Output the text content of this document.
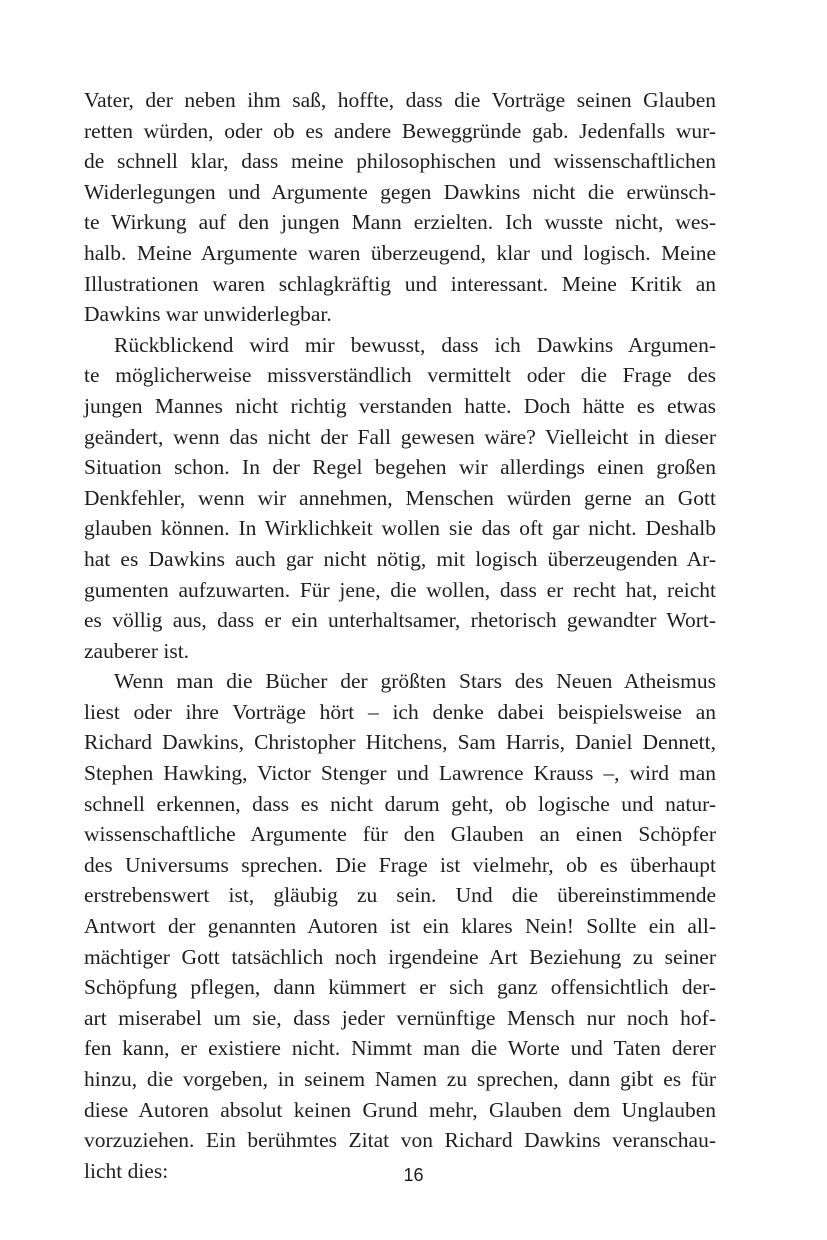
Vater, der neben ihm saß, hoffte, dass die Vorträge seinen Glauben
retten würden, oder ob es andere Beweggründe gab. Jedenfalls wur-
de schnell klar, dass meine philosophischen und wissenschaftlichen
Widerlegungen und Argumente gegen Dawkins nicht die erwünsch-
te Wirkung auf den jungen Mann erzielten. Ich wusste nicht, wes-
halb. Meine Argumente waren überzeugend, klar und logisch. Meine
Illustrationen waren schlagkräftig und interessant. Meine Kritik an
Dawkins war unwiderlegbar.
Rückblickend wird mir bewusst, dass ich Dawkins Argumen-
te möglicherweise missverständlich vermittelt oder die Frage des
jungen Mannes nicht richtig verstanden hatte. Doch hätte es etwas
geändert, wenn das nicht der Fall gewesen wäre? Vielleicht in dieser
Situation schon. In der Regel begehen wir allerdings einen großen
Denkfehler, wenn wir annehmen, Menschen würden gerne an Gott
glauben können. In Wirklichkeit wollen sie das oft gar nicht. Deshalb
hat es Dawkins auch gar nicht nötig, mit logisch überzeugenden Ar-
gumenten aufzuwarten. Für jene, die wollen, dass er recht hat, reicht
es völlig aus, dass er ein unterhaltsamer, rhetorisch gewandter Wort-
zauberer ist.
Wenn man die Bücher der größten Stars des Neuen Atheismus
liest oder ihre Vorträge hört – ich denke dabei beispielsweise an
Richard Dawkins, Christopher Hitchens, Sam Harris, Daniel Dennett,
Stephen Hawking, Victor Stenger und Lawrence Krauss –, wird man
schnell erkennen, dass es nicht darum geht, ob logische und natur-
wissenschaftliche Argumente für den Glauben an einen Schöpfer
des Universums sprechen. Die Frage ist vielmehr, ob es überhaupt
erstrebenswert ist, gläubig zu sein. Und die übereinstimmende
Antwort der genannten Autoren ist ein klares Nein! Sollte ein all-
mächtiger Gott tatsächlich noch irgendeine Art Beziehung zu seiner
Schöpfung pflegen, dann kümmert er sich ganz offensichtlich der-
art miserabel um sie, dass jeder vernünftige Mensch nur noch hof-
fen kann, er existiere nicht. Nimmt man die Worte und Taten derer
hinzu, die vorgeben, in seinem Namen zu sprechen, dann gibt es für
diese Autoren absolut keinen Grund mehr, Glauben dem Unglauben
vorzuziehen. Ein berühmtes Zitat von Richard Dawkins veranschau-
licht dies:	16
